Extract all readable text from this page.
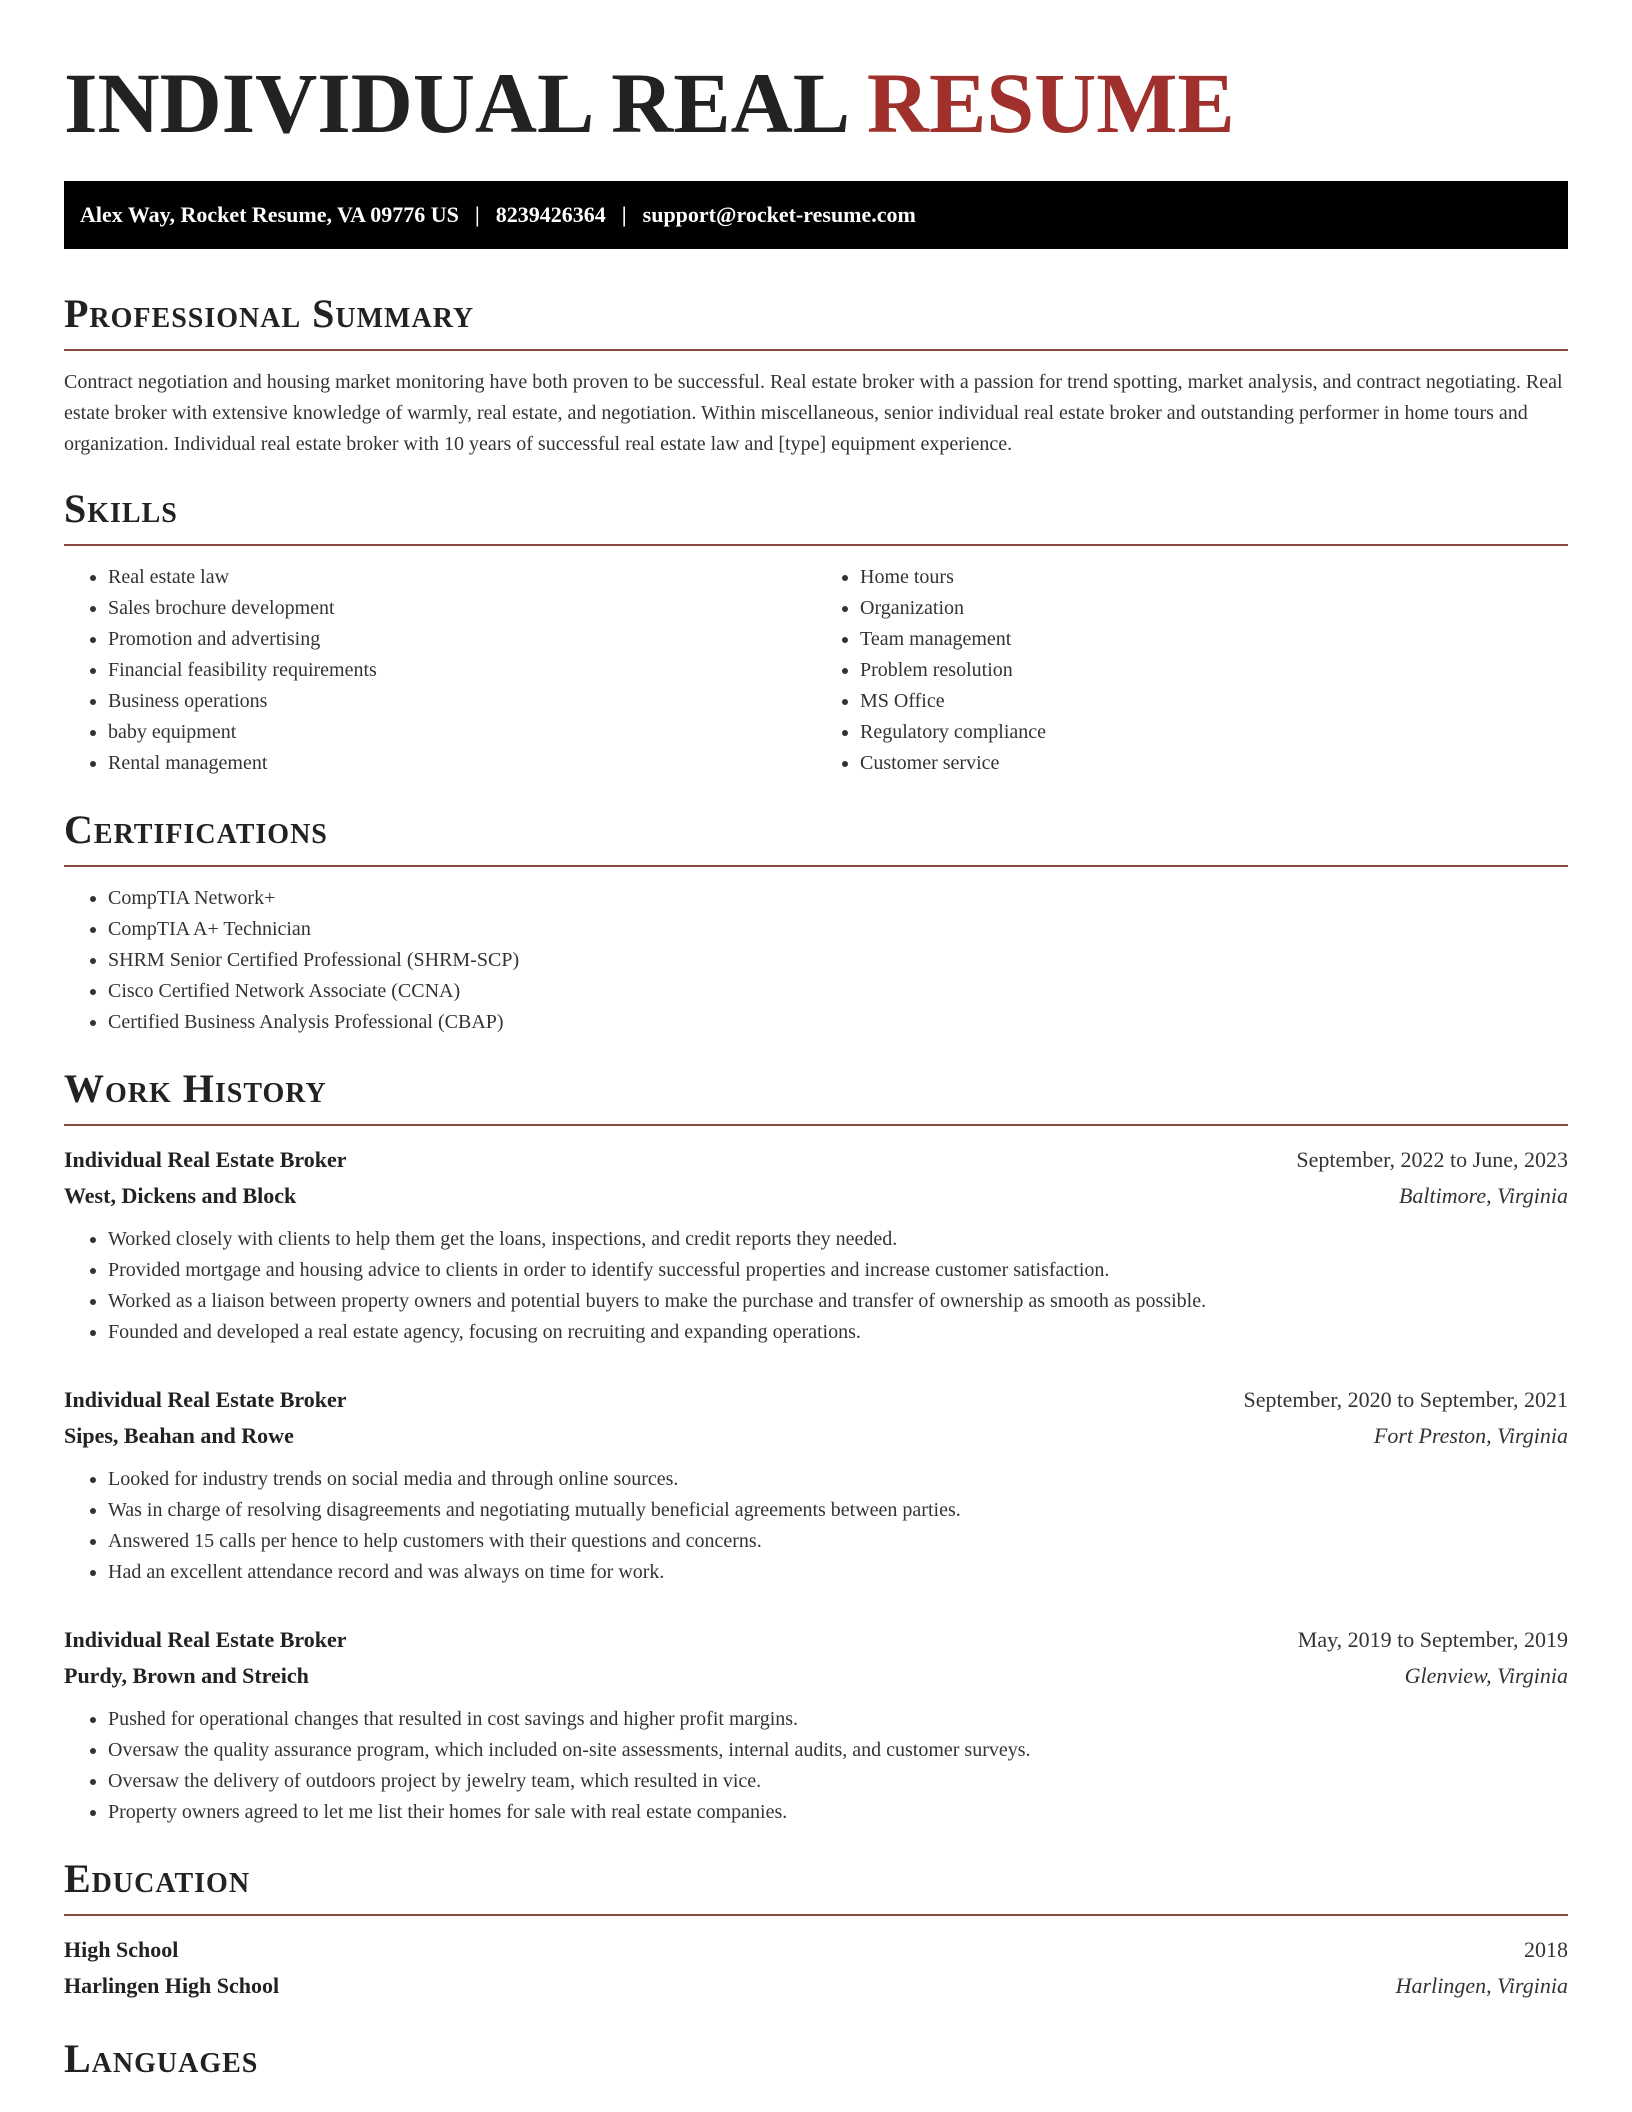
INDIVIDUAL REAL RESUME
Alex Way, Rocket Resume, VA 09776 US | 8239426364 | support@rocket-resume.com
Professional Summary

Contract negotiation and housing market monitoring have both proven to be successful. Real estate broker with a passion for trend spotting, market analysis, and contract negotiating. Real estate broker with extensive knowledge of warmly, real estate, and negotiation. Within miscellaneous, senior individual real estate broker and outstanding performer in home tours and organization. Individual real estate broker with 10 years of successful real estate law and [type] equipment experience.

Skills
• Real estate law
• Sales brochure development
• Promotion and advertising
• Financial feasibility requirements
• Business operations
• baby equipment
• Rental management
• Home tours
• Organization
• Team management
• Problem resolution
• MS Office
• Regulatory compliance
• Customer service
Certifications
• CompTIA Network+
• CompTIA A+ Technician
• SHRM Senior Certified Professional (SHRM-SCP)
• Cisco Certified Network Associate (CCNA)
• Certified Business Analysis Professional (CBAP)
Work History
Individual Real Estate Broker	September, 2022 to June, 2023
West, Dickens and Block	Baltimore, Virginia
• Worked closely with clients to help them get the loans, inspections, and credit reports they needed.
• Provided mortgage and housing advice to clients in order to identify successful properties and increase customer satisfaction.
• Worked as a liaison between property owners and potential buyers to make the purchase and transfer of ownership as smooth as possible.
• Founded and developed a real estate agency, focusing on recruiting and expanding operations.
Individual Real Estate Broker	September, 2020 to September, 2021
Sipes, Beahan and Rowe	Fort Preston, Virginia
• Looked for industry trends on social media and through online sources.
• Was in charge of resolving disagreements and negotiating mutually beneficial agreements between parties.
• Answered 15 calls per hence to help customers with their questions and concerns.
• Had an excellent attendance record and was always on time for work.
Individual Real Estate Broker	May, 2019 to September, 2019
Purdy, Brown and Streich	Glenview, Virginia
• Pushed for operational changes that resulted in cost savings and higher profit margins.
• Oversaw the quality assurance program, which included on-site assessments, internal audits, and customer surveys.
• Oversaw the delivery of outdoors project by jewelry team, which resulted in vice.
• Property owners agreed to let me list their homes for sale with real estate companies.
Education
High School	2018
Harlingen High School	Harlingen, Virginia
Languages
